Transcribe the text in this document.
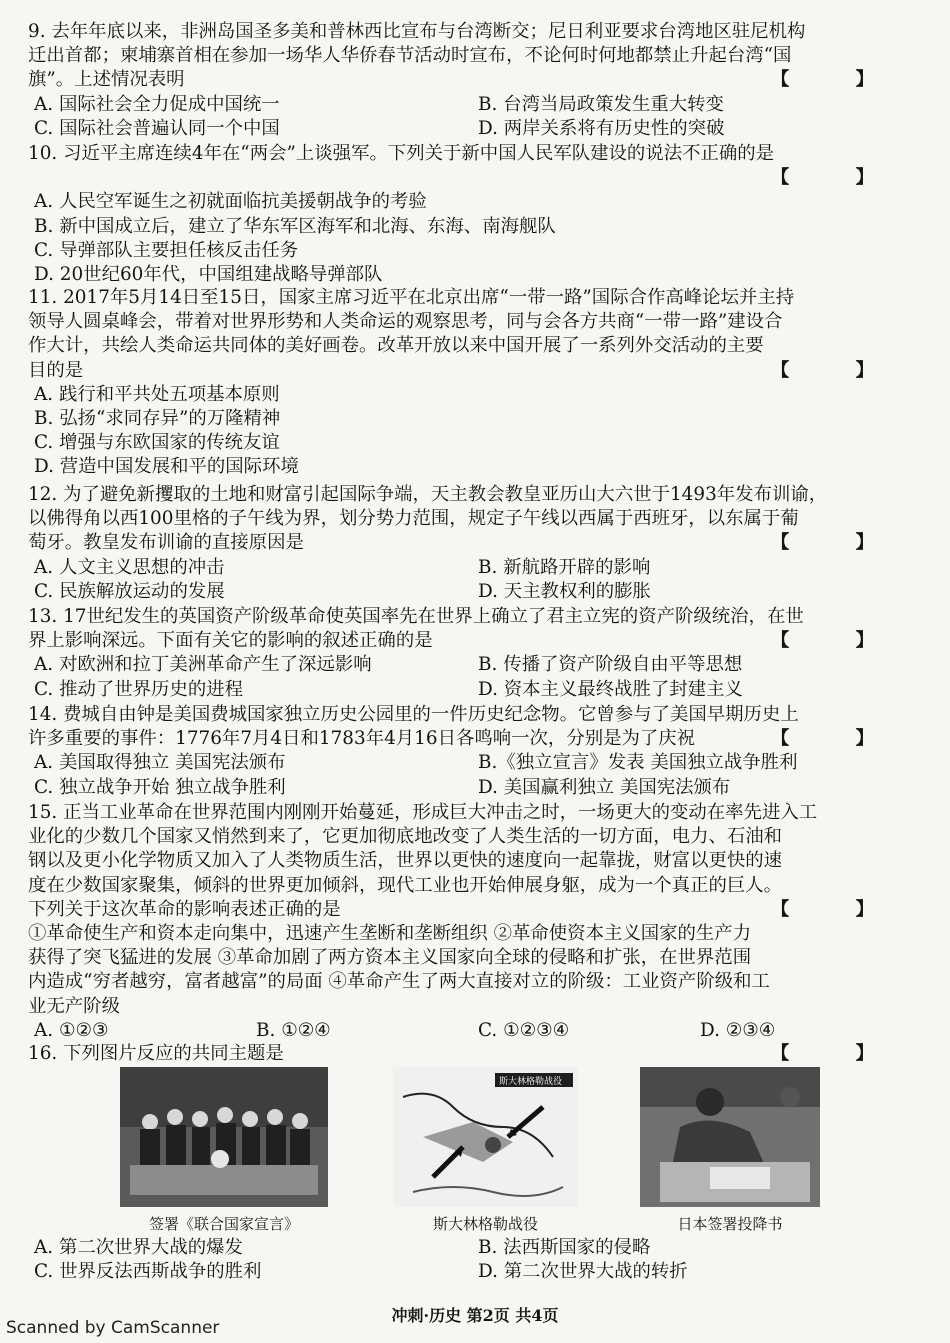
9. 去年年底以来，非洲岛国圣多美和普林西比宣布与台湾断交；尼日利亚要求台湾地区驻尼机构

迁出首都；柬埔寨首相在参加一场华人华侨春节活动时宣布，不论何时何地都禁止升起台湾“国

旗”。上述情况表明	【 】

A. 国际社会全力促成中国统一	B. 台湾当局政策发生重大转变
C. 国际社会普遍认同一个中国	D. 两岸关系将有历史性的突破

10. 习近平主席连续4年在“两会”上谈强军。下列关于新中国人民军队建设的说法不正确的是

【 】

A. 人民空军诞生之初就面临抗美援朝战争的考验
B. 新中国成立后，建立了华东军区海军和北海、东海、南海舰队
C. 导弹部队主要担任核反击任务
D. 20世纪60年代，中国组建战略导弹部队

11. 2017年5月14日至15日，国家主席习近平在北京出席“一带一路”国际合作高峰论坛并主持

领导人圆桌峰会，带着对世界形势和人类命运的观察思考，同与会各方共商“一带一路”建设合

作大计，共绘人类命运共同体的美好画卷。改革开放以来中国开展了一系列外交活动的主要

目的是	【 】

A. 践行和平共处五项基本原则
B. 弘扬“求同存异”的万隆精神
C. 增强与东欧国家的传统友谊
D. 营造中国发展和平的国际环境

12. 为了避免新攫取的土地和财富引起国际争端，天主教会教皇亚历山大六世于1493年发布训谕，

以佛得角以西100里格的子午线为界，划分势力范围，规定子午线以西属于西班牙，以东属于葡

萄牙。教皇发布训谕的直接原因是	【 】

A. 人文主义思想的冲击	B. 新航路开辟的影响
C. 民族解放运动的发展	D. 天主教权利的膨胀

13. 17世纪发生的英国资产阶级革命使英国率先在世界上确立了君主立宪的资产阶级统治，在世

界上影响深远。下面有关它的影响的叙述正确的是	【 】

A. 对欧洲和拉丁美洲革命产生了深远影响	B. 传播了资产阶级自由平等思想
C. 推动了世界历史的进程	D. 资本主义最终战胜了封建主义

14. 费城自由钟是美国费城国家独立历史公园里的一件历史纪念物。它曾参与了美国早期历史上

许多重要的事件：1776年7月4日和1783年4月16日各鸣响一次，分别是为了庆祝	【 】

A. 美国取得独立 美国宪法颁布	B.《独立宣言》发表 美国独立战争胜利
C. 独立战争开始 独立战争胜利	D. 美国赢利独立 美国宪法颁布

15. 正当工业革命在世界范围内刚刚开始蔓延，形成巨大冲击之时，一场更大的变动在率先进入工

业化的少数几个国家又悄然到来了，它更加彻底地改变了人类生活的一切方面，电力、石油和

钢以及更小化学物质又加入了人类物质生活，世界以更快的速度向一起靠拢，财富以更快的速

度在少数国家聚集，倾斜的世界更加倾斜，现代工业也开始伸展身躯，成为一个真正的巨人。

下列关于这次革命的影响表述正确的是	【 】

①革命使生产和资本走向集中，迅速产生垄断和垄断组织 ②革命使资本主义国家的生产力

获得了突飞猛进的发展 ③革命加剧了两方资本主义国家向全球的侵略和扩张，在世界范围

内造成“穷者越穷，富者越富”的局面 ④革命产生了两大直接对立的阶级：工业资产阶级和工

业无产阶级

A. ①②③	B. ①②④	C. ①②③④	D. ②③④

16. 下列图片反应的共同主题是	【 】

签署《联合国家宣言》
斯大林格勒战役
斯大林格勒战役	日本签署投降书
A. 第二次世界大战的爆发	B. 法西斯国家的侵略
C. 世界反法西斯战争的胜利	D. 第二次世界大战的转折
冲刺·历史 第2页 共4页
Scanned by CamScanner
